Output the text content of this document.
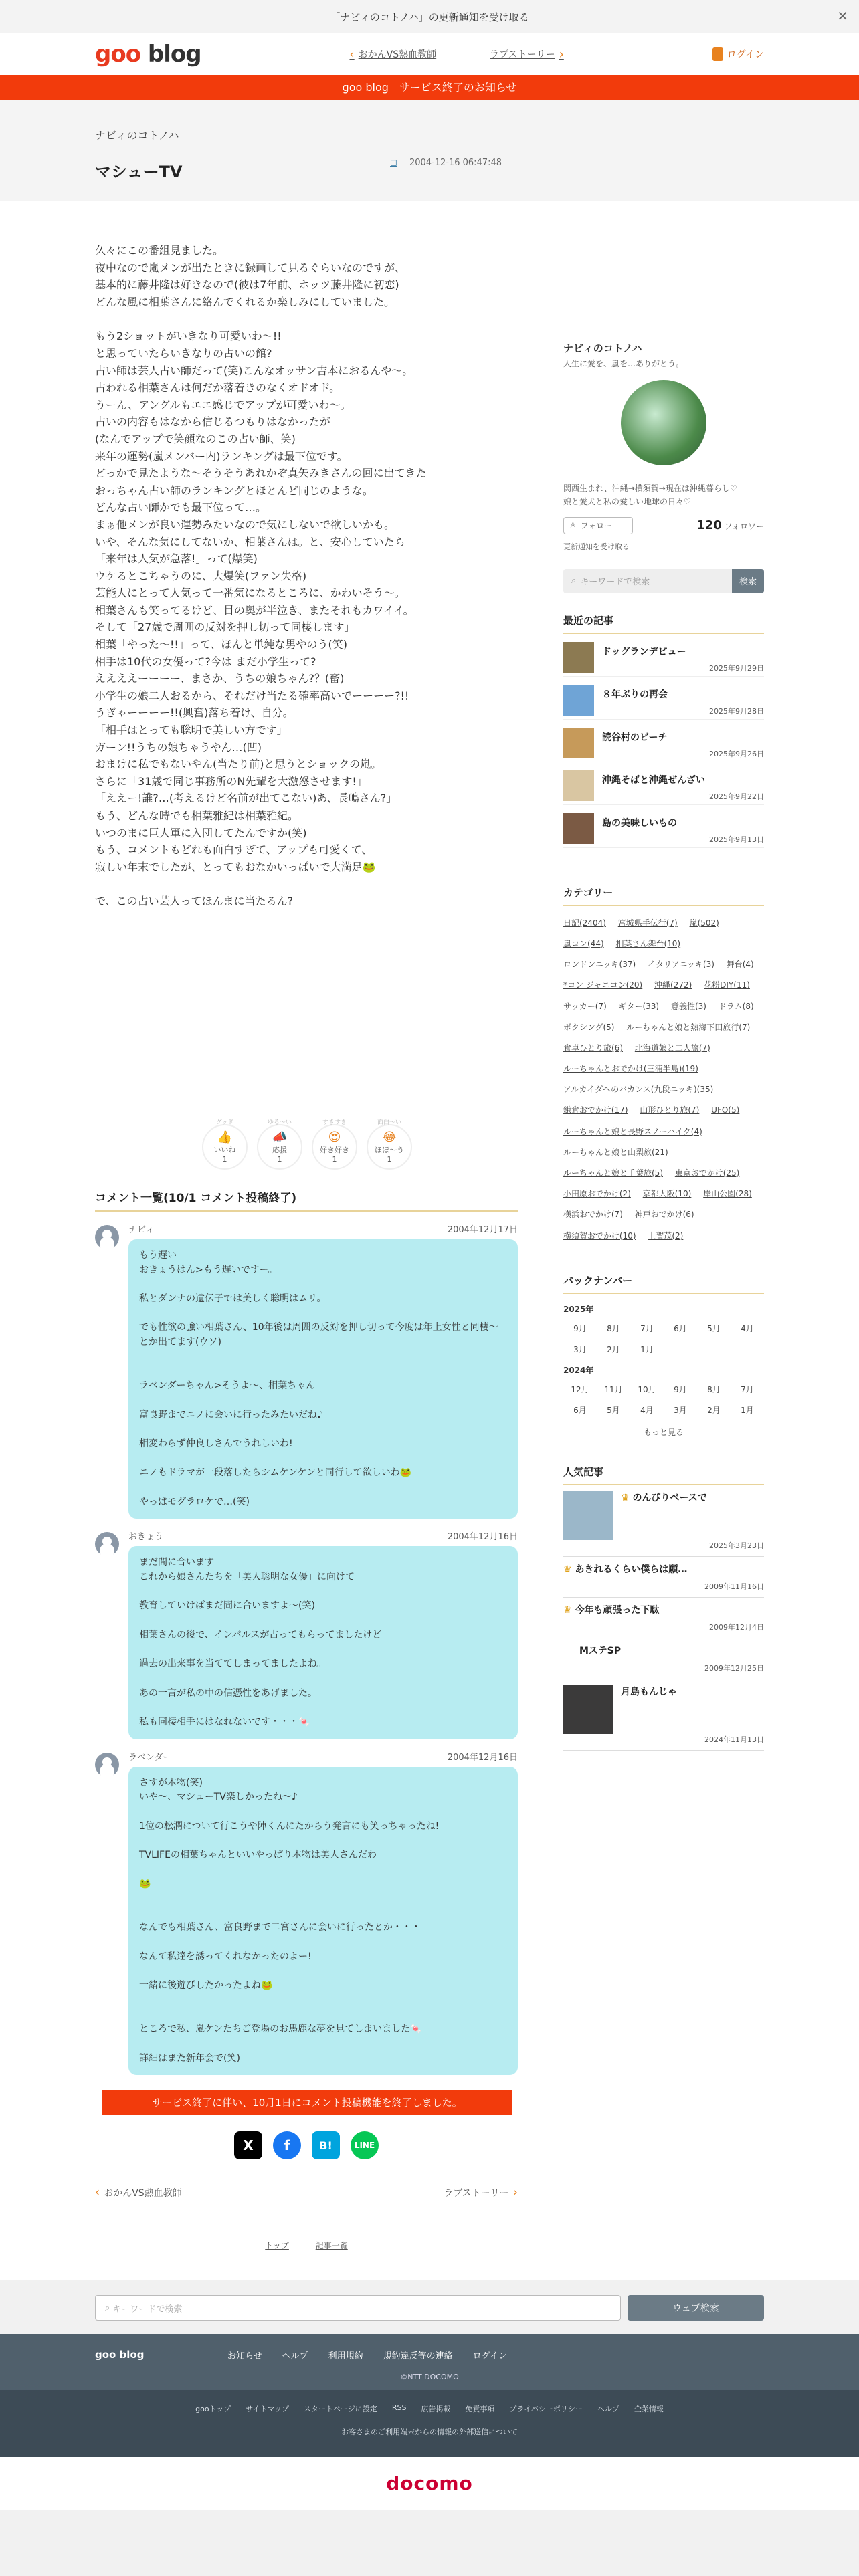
「ナビィのコトノハ」の更新通知を受け取る	✕
goo blog	‹ おかんVS熱血教師	ラブストーリー ›	ログイン
goo blog　サービス終了のお知らせ
ナビィのコトノハ
マシューTV	◻︎ 2004-12-16 06:47:48

久々にこの番組見ました。
夜中なので嵐メンが出たときに録画して見るぐらいなのですが、
基本的に藤井隆は好きなので(彼は7年前、ホッツ藤井隆に初恋)
どんな風に相葉さんに絡んでくれるか楽しみにしていました。

もう2ショットがいきなり可愛いわ〜!!
と思っていたらいきなりの占いの館?
占い師は芸人占い師だって(笑)こんなオッサン吉本におるんや〜。
占われる相葉さんは何だか落着きのなくオドオド。
うーん、アングルもエエ感じでアップが可愛いわ〜。
占いの内容もはなから信じるつもりはなかったが
(なんでアップで笑顔なのこの占い師、笑)
来年の運勢(嵐メンバー内)ランキングは最下位です。
どっかで見たような〜そうそうあれかぞ真矢みきさんの回に出てきた
おっちゃん占い師のランキングとほとんど同じのような。
どんな占い師かでも最下位って…。
まぁ他メンが良い運勢みたいなので気にしないで欲しいかも。
いや、そんな気にしてないか、相葉さんは。と、安心していたら
「来年は人気が急落!」って(爆笑)
ウケるとこちゃうのに、大爆笑(ファン失格)
芸能人にとって人気って一番気になるところに、かわいそう〜。
相葉さんも笑ってるけど、目の奥が半泣き、またそれもカワイイ。
そして「27歳で周囲の反対を押し切って同棲します」
相葉「やった〜!!」って、ほんと単純な男やのう(笑)
相手は10代の女優って?今は まだ小学生って?
ええええーーーー、まさか、うちの娘ちゃん?？(畜)
小学生の娘二人おるから、それだけ当たる確率高いでーーーー?!!
うぎゃーーーー!!(興奮)落ち着け、自分。
「相手はとっても聡明で美しい方です」
ガーン!!うちの娘ちゃうやん…(凹)
おまけに私でもないやん(当たり前)と思うとショックの嵐。
さらに「31歳で同じ事務所のN先輩を大激怒させます!」
「ええー!誰?…(考えるけど名前が出てこない)あ、長嶋さん?」
もう、どんな時でも相葉雅紀は相葉雅紀。
いつのまに巨人軍に入団してたんですか(笑)
もう、コメントもどれも面白すぎて、アップも可愛くて、
寂しい年末でしたが、とってもおなかいっぱいで大満足🐸

で、この占い芸人ってほんまに当たるん?

グッド
👍
いいね
1
ゆる〜い
📣
応援
1
すきすき
😍
好き好き
1
面白〜い
😂
ほほ〜う
1
コメント一覧(10/1 コメント投稿終了)
ナビィ	2004年12月17日
もう遅い
おきょうはん>もう遅いですー。

私とダンナの遺伝子では美しく聡明はムリ。

でも性欲の強い相葉さん、10年後は周囲の反対を押し切って今度は年上女性と同棲〜とか出てます(ウソ)

ラベンダーちゃん>そうよ〜、相葉ちゃん

富良野までニノに会いに行ったみたいだね♪

相変わらず仲良しさんでうれしいわ!

ニノもドラマが一段落したらシムケンケンと同行して欲しいわ🐸

やっぱモグラロケで…(笑)
おきょう	2004年12月16日
まだ間に合います
これから娘さんたちを「美人聡明な女優」に向けて

教育していけばまだ間に合いますよ〜(笑)

相葉さんの後で、インパルスが占ってもらってましたけど

過去の出来事を当ててしまってましたよね。

あの一言が私の中の信憑性をあげました。

私も同棲相手にはなれないです・・・🍬
ラベンダー	2004年12月16日
さすが本物(笑)
いや〜、マシューTV楽しかったね〜♪

1位の松潤について行こうや陣くんにたからう発言にも笑っちゃったね!

TVLIFEの相葉ちゃんといいやっぱり本物は美人さんだわ

🐸

なんでも相葉さん、富良野まで二宮さんに会いに行ったとか・・・

なんて私達を誘ってくれなかったのよー!

一緒に後遊びしたかったよね🐸

ところで私、嵐ケンたちご登場のお馬鹿な夢を見てしまいました🍬

詳細はまた新年会で(笑)
サービス終了に伴い、10月1日にコメント投稿機能を終了しました。
X	f	B!	LINE
‹ おかんVS熱血教師	ラブストーリー ›
トップ	記事一覧
ナビィのコトノハ
人生に愛を、嵐を…ありがとう。
関西生まれ、沖縄→横須賀→現在は沖縄暮らし♡
娘と愛犬と私の愛しい地球の日々♡
♙ フォロー	120 フォロワー
更新通知を受け取る
⌕ キーワードで検索	検索
最近の記事
ドッグランデビュー
2025年9月29日
８年ぶりの再会
2025年9月28日
読谷村のビーチ
2025年9月26日
沖縄そばと沖縄ぜんざい
2025年9月22日
島の美味しいもの
2025年9月13日
カテゴリー
日記(2404) 宮城県手伝行(7) 嵐(502) 嵐コン(44) 相葉さん舞台(10) ロンドンニッキ(37) イタリアニッキ(3) 舞台(4) *コン ジャニコン(20) 沖縄(272) 花粉DIY(11) サッカー(7) ギター(33) 意義性(3) ドラム(8) ボクシング(5) ルーちゃんと娘と熱海下田旅行(7) 食卓ひとり旅(6) 北海道娘と二人旅(7) ルーちゃんとおでかけ(三浦半島)(19) アルカイダへのバカンス(九段ニッキ)(35) 鎌倉おでかけ(17) 山形ひとり旅(7) UFO(5) ルーちゃんと娘と長野スノーハイク(4) ルーちゃんと娘と山梨旅(21) ルーちゃんと娘と千葉旅(5) 東京おでかけ(25) 小田原おでかけ(2) 京都大阪(10) 岸山公園(28) 横浜おでかけ(7) 神戸おでかけ(6) 横須賀おでかけ(10) 上賀茂(2)
バックナンバー
2025年
9月	8月	7月	6月	5月	4月
3月	2月	1月
2024年
12月	11月	10月	9月	8月	7月
6月	5月	4月	3月	2月	1月
もっと見る
人気記事
♛ のんびりベースで
2025年3月23日
♛ あきれるくらい僕らは願…
2009年11月16日
♛ 今年も頑張った下駄
2009年12月4日
MステSP
2009年12月25日
月島もんじゃ
2024年11月13日
⌕ キーワードで検索	ウェブ検索
goo blog	お知らせ ヘルプ 利用規約 規約違反等の連絡 ログイン
©NTT DOCOMO
gooトップ サイトマップ スタートページに設定 RSS 広告掲載 免責事項 プライバシーポリシー ヘルプ 企業情報
お客さまのご利用端末からの情報の外部送信について
docomo
